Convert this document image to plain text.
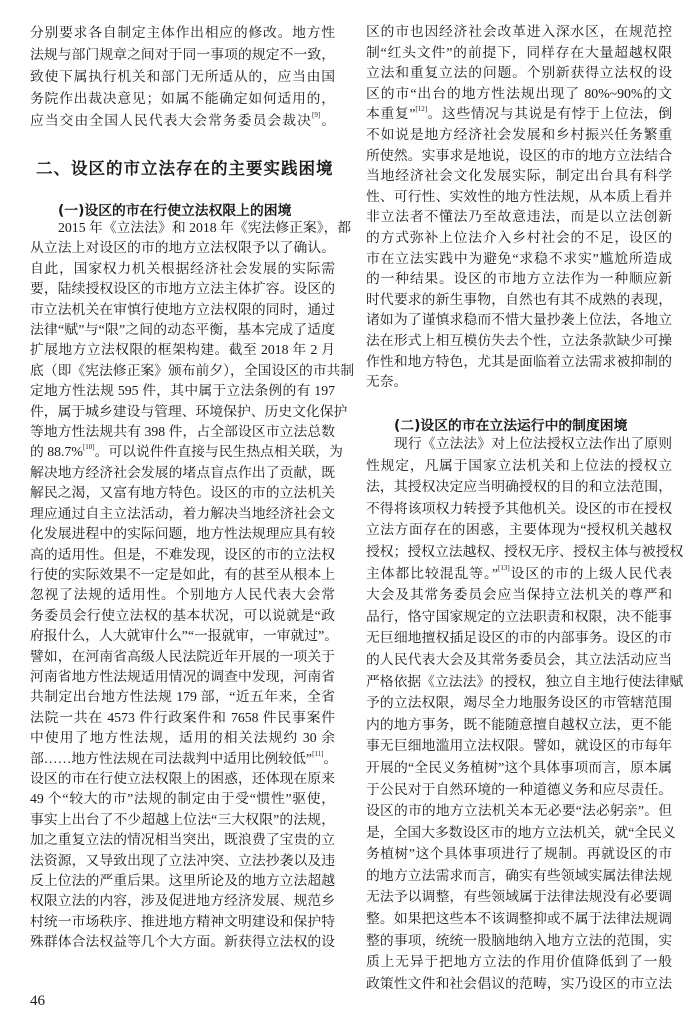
分别要求各自制定主体作出相应的修改。地方性
法规与部门规章之间对于同一事项的规定不一致，
致使下属执行机关和部门无所适从的，应当由国
务院作出裁决意见；如属不能确定如何适用的，
应当交由全国人民代表大会常务委员会裁决[9]。
二、设区的市立法存在的主要实践困境
(一)设区的市在行使立法权限上的困境
2015 年《立法法》和 2018 年《宪法修正案》，都
从立法上对设区的市的地方立法权限予以了确认。
自此，国家权力机关根据经济社会发展的实际需
要，陆续授权设区的市地方立法主体扩容。设区的
市立法机关在审慎行使地方立法权限的同时，通过
法律“赋”与“限”之间的动态平衡，基本完成了适度
扩展地方立法权限的框架构建。截至 2018 年 2 月
底（即《宪法修正案》颁布前夕），全国设区的市共制
定地方性法规 595 件，其中属于立法条例的有 197
件，属于城乡建设与管理、环境保护、历史文化保护
等地方性法规共有 398 件，占全部设区市立法总数
的 88.7%[10]。可以说件件直接与民生热点相关联，为
解决地方经济社会发展的堵点盲点作出了贡献，既
解民之渴，又富有地方特色。设区的市的立法机关
理应通过自主立法活动，着力解决当地经济社会文
化发展进程中的实际问题，地方性法规理应具有较
高的适用性。但是，不难发现，设区的市的立法权
行使的实际效果不一定是如此，有的甚至从根本上
忽视了法规的适用性。个别地方人民代表大会常
务委员会行使立法权的基本状况，可以说就是“政
府报什么，人大就审什么”“一报就审，一审就过”。
譬如，在河南省高级人民法院近年开展的一项关于
河南省地方性法规适用情况的调查中发现，河南省
共制定出台地方性法规 179 部，“近五年来，全省
法院一共在 4573 件行政案件和 7658 件民事案件
中使用了地方性法规，适用的相关法规约 30 余
部……地方性法规在司法裁判中适用比例较低”[11]。
设区的市在行使立法权限上的困惑，还体现在原来
49 个“较大的市”法规的制定由于受“惯性”驱使，
事实上出台了不少超越上位法“三大权限”的法规，
加之重复立法的情况相当突出，既浪费了宝贵的立
法资源，又导致出现了立法冲突、立法抄袭以及违
反上位法的严重后果。这里所论及的地方立法超越
权限立法的内容，涉及促进地方经济发展、规范乡
村统一市场秩序、推进地方精神文明建设和保护特
殊群体合法权益等几个大方面。新获得立法权的设
区的市也因经济社会改革进入深水区，在规范控
制“红头文件”的前提下，同样存在大量超越权限
立法和重复立法的问题。个别新获得立法权的设
区的市“出台的地方性法规出现了 80%~90%的文
本重复”[12]。这些情况与其说是有悖于上位法，倒
不如说是地方经济社会发展和乡村振兴任务繁重
所使然。实事求是地说，设区的市的地方立法结合
当地经济社会文化发展实际，制定出台具有科学
性、可行性、实效性的地方性法规，从本质上看并
非立法者不懂法乃至故意违法，而是以立法创新
的方式弥补上位法介入乡村社会的不足，设区的
市在立法实践中为避免“求稳不求实”尴尬所造成
的一种结果。设区的市地方立法作为一种顺应新
时代要求的新生事物，自然也有其不成熟的表现，
诸如为了谨慎求稳而不惜大量抄袭上位法，各地立
法在形式上相互模仿失去个性，立法条款缺少可操
作性和地方特色，尤其是面临着立法需求被抑制的
无奈。
(二)设区的市在立法运行中的制度困境
现行《立法法》对上位法授权立法作出了原则
性规定，凡属于国家立法机关和上位法的授权立
法，其授权决定应当明确授权的目的和立法范围，
不得将该项权力转授予其他机关。设区的市在授权
立法方面存在的困惑，主要体现为“授权机关越权
授权；授权立法越权、授权无序、授权主体与被授权
主体都比较混乱等。”[13]设区的市的上级人民代表
大会及其常务委员会应当保持立法机关的尊严和
品行，恪守国家规定的立法职责和权限，决不能事
无巨细地擅权插足设区的市的内部事务。设区的市
的人民代表大会及其常务委员会，其立法活动应当
严格依据《立法法》的授权，独立自主地行使法律赋
予的立法权限，竭尽全力地服务设区的市管辖范围
内的地方事务，既不能随意擅自越权立法，更不能
事无巨细地滥用立法权限。譬如，就设区的市每年
开展的“全民义务植树”这个具体事项而言，原本属
于公民对于自然环境的一种道德义务和应尽责任。
设区的市的地方立法机关本无必要“法必躬亲”。但
是，全国大多数设区市的地方立法机关，就“全民义
务植树”这个具体事项进行了规制。再就设区的市
的地方立法需求而言，确实有些领域实属法律法规
无法予以调整，有些领域属于法律法规没有必要调
整。如果把这些本不该调整抑或不属于法律法规调
整的事项，统统一股脑地纳入地方立法的范围，实
质上无异于把地方立法的作用价值降低到了一般
政策性文件和社会倡议的范畴，实乃设区的市立法
46
